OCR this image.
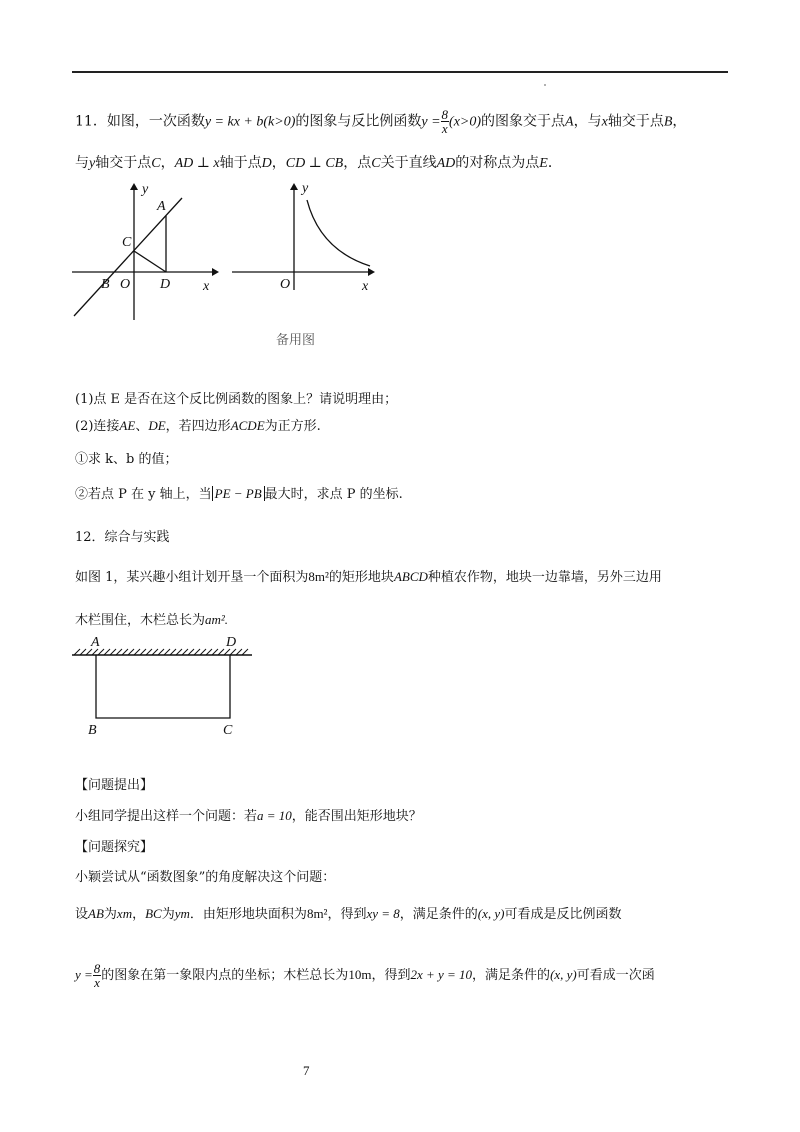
11．如图，一次函数y = kx + b(k>0)的图象与反比例函数$y = \frac{8}{x} (x>0)$的图象交于点A，与x轴交于点B，
与y轴交于点C，AD ⊥ x轴于点D，CD ⊥ CB，点C关于直线AD的对称点为点E．
y
A
C
B O D x
y
O	x
备用图
(1)点 E 是否在这个反比例函数的图象上？请说明理由；
(2)连接AE、DE，若四边形ACDE为正方形.
①求 k、b 的值；
②若点 P 在 y 轴上，当 PE − PB 最大时，求点 P 的坐标.
12．综合与实践
如图 1，某兴趣小组计划开垦一个面积为8m²的矩形地块ABCD种植农作物，地块一边靠墙，另外三边用
木栏围住，木栏总长为am².
A	D
B	C
【问题提出】
小组同学提出这样一个问题：若a = 10，能否围出矩形地块？
【问题探究】
小颖尝试从“函数图象”的角度解决这个问题：
设AB为xm，BC为ym．由矩形地块面积为8m²，得到xy = 8，满足条件的(x, y)可看成是反比例函数
$y = \frac{8}{x}$ 的图象在第一象限内点的坐标；木栏总长为10m，得到2x + y = 10，满足条件的(x, y)可看成一次函
7
